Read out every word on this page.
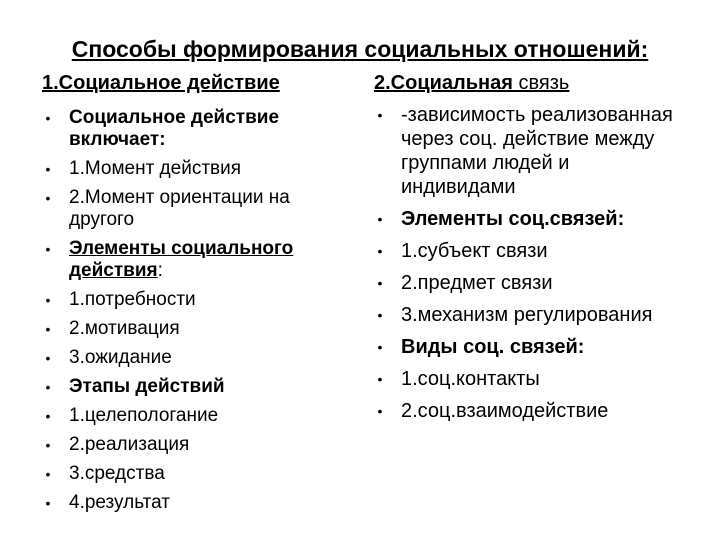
Способы формирования социальных отношений:
1.Социальное действие
• Социальное действие включает:
• 1.Момент действия
• 2.Момент ориентации на другого
• Элементы социального действия:
• 1.потребности
• 2.мотивация
• 3.ожидание
• Этапы действий
• 1.целепологание
• 2.реализация
• 3.средства
• 4.результат
2.Социальная связь
• -зависимость реализованная через соц. действие между группами людей и индивидами
• Элементы соц.связей:
• 1.субъект связи
• 2.предмет связи
• 3.механизм регулирования
• Виды соц. связей:
• 1.соц.контакты
• 2.соц.взаимодействие
